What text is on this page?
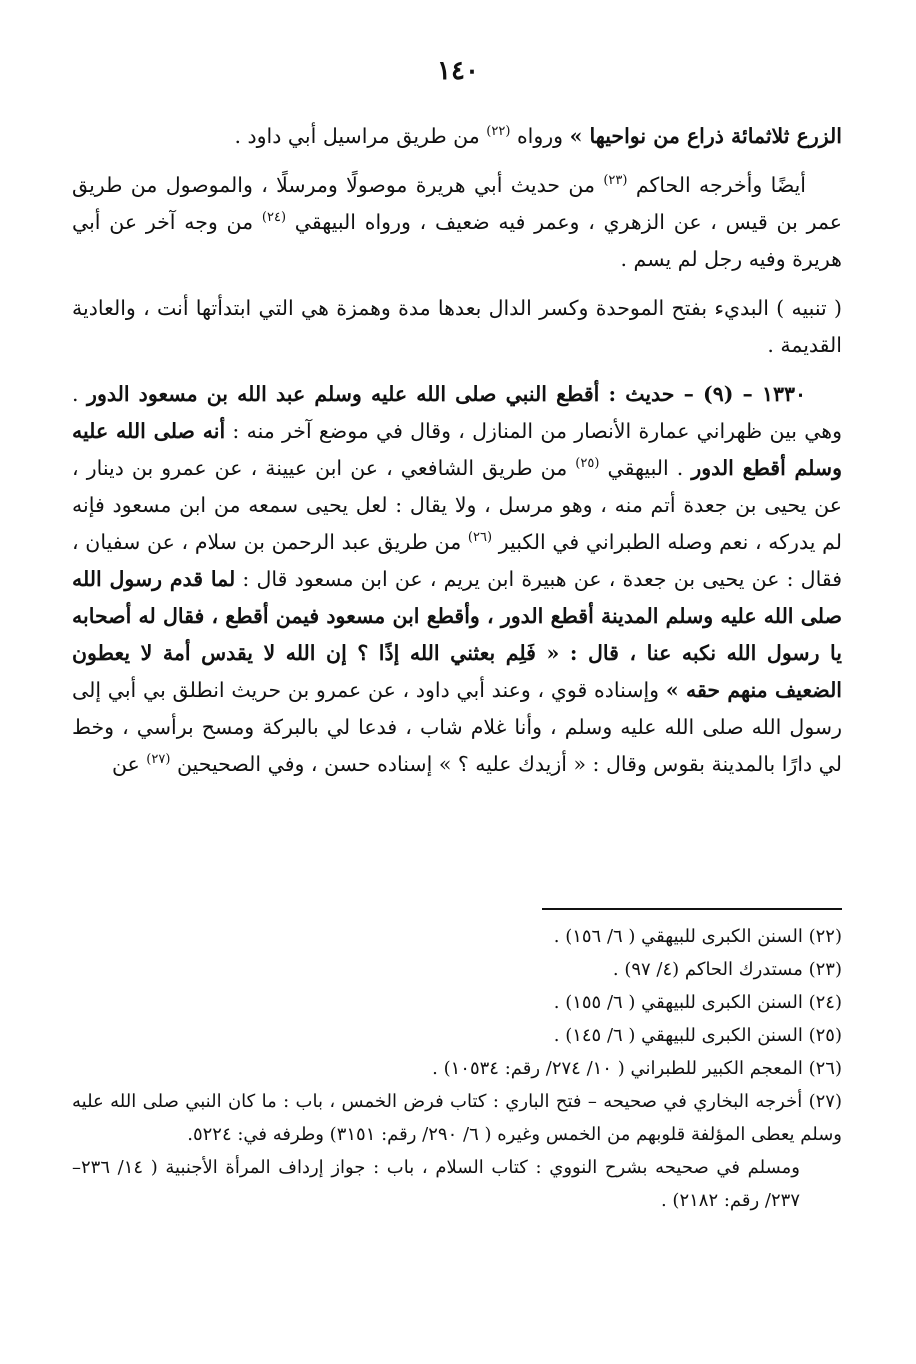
١٤٠

الزرع ثلاثمائة ذراع من نواحيها » ورواه $^{(٢٢)}$ من طريق مراسيل أبي داود .

أيضًا وأخرجه الحاكم $^{(٢٣)}$ من حديث أبي هريرة موصولًا ومرسلًا ، والموصول من طريق عمر بن قيس ، عن الزهري ، وعمر فيه ضعيف ، ورواه البيهقي $^{(٢٤)}$ من وجه آخر عن أبي هريرة وفيه رجل لم يسم .

( تنبيه ) البديء بفتح الموحدة وكسر الدال بعدها مدة وهمزة هي التي ابتدأتها أنت ، والعادية القديمة .

١٣٣٠ – (٩) – حديث : أقطع النبي صلى الله عليه وسلم عبد الله بن مسعود الدور . وهي بين ظهراني عمارة الأنصار من المنازل ، وقال في موضع آخر منه : أنه صلى الله عليه وسلم أقطع الدور . البيهقي $^{(٢٥)}$ من طريق الشافعي ، عن ابن عيينة ، عن عمرو بن دينار ، عن يحيى بن جعدة أتم منه ، وهو مرسل ، ولا يقال : لعل يحيى سمعه من ابن مسعود فإنه لم يدركه ، نعم وصله الطبراني في الكبير $^{(٢٦)}$ من طريق عبد الرحمن بن سلام ، عن سفيان ، فقال : عن يحيى بن جعدة ، عن هبيرة ابن يريم ، عن ابن مسعود قال : لما قدم رسول الله صلى الله عليه وسلم المدينة أقطع الدور ، وأقطع ابن مسعود فيمن أقطع ، فقال له أصحابه يا رسول الله نكبه عنا ، قال : « فَلِم بعثني الله إذًا ؟ إن الله لا يقدس أمة لا يعطون الضعيف منهم حقه » وإسناده قوي ، وعند أبي داود ، عن عمرو بن حريث انطلق بي أبي إلى رسول الله صلى الله عليه وسلم ، وأنا غلام شاب ، فدعا لي بالبركة ومسح برأسي ، وخط لي دارًا بالمدينة بقوس وقال : « أزيدك عليه ؟ » إسناده حسن ، وفي الصحيحين $^{(٢٧)}$ عن

(٢٢) السنن الكبرى للبيهقي ( ٦/ ١٥٦) .

(٢٣) مستدرك الحاكم (٤/ ٩٧) .

(٢٤) السنن الكبرى للبيهقي ( ٦/ ١٥٥) .

(٢٥) السنن الكبرى للبيهقي ( ٦/ ١٤٥) .

(٢٦) المعجم الكبير للطبراني ( ١٠/ ٢٧٤/ رقم: ١٠٥٣٤) .

(٢٧) أخرجه البخاري في صحيحه – فتح الباري : كتاب فرض الخمس ، باب : ما كان النبي صلى الله عليه وسلم يعطى المؤلفة قلوبهم من الخمس وغيره ( ٦/ ٢٩٠/ رقم: ٣١٥١) وطرفه في: ٥٢٢٤.

ومسلم في صحيحه بشرح النووي : كتاب السلام ، باب : جواز إرداف المرأة الأجنبية ( ١٤/ ٢٣٦– ٢٣٧/ رقم: ٢١٨٢) .
